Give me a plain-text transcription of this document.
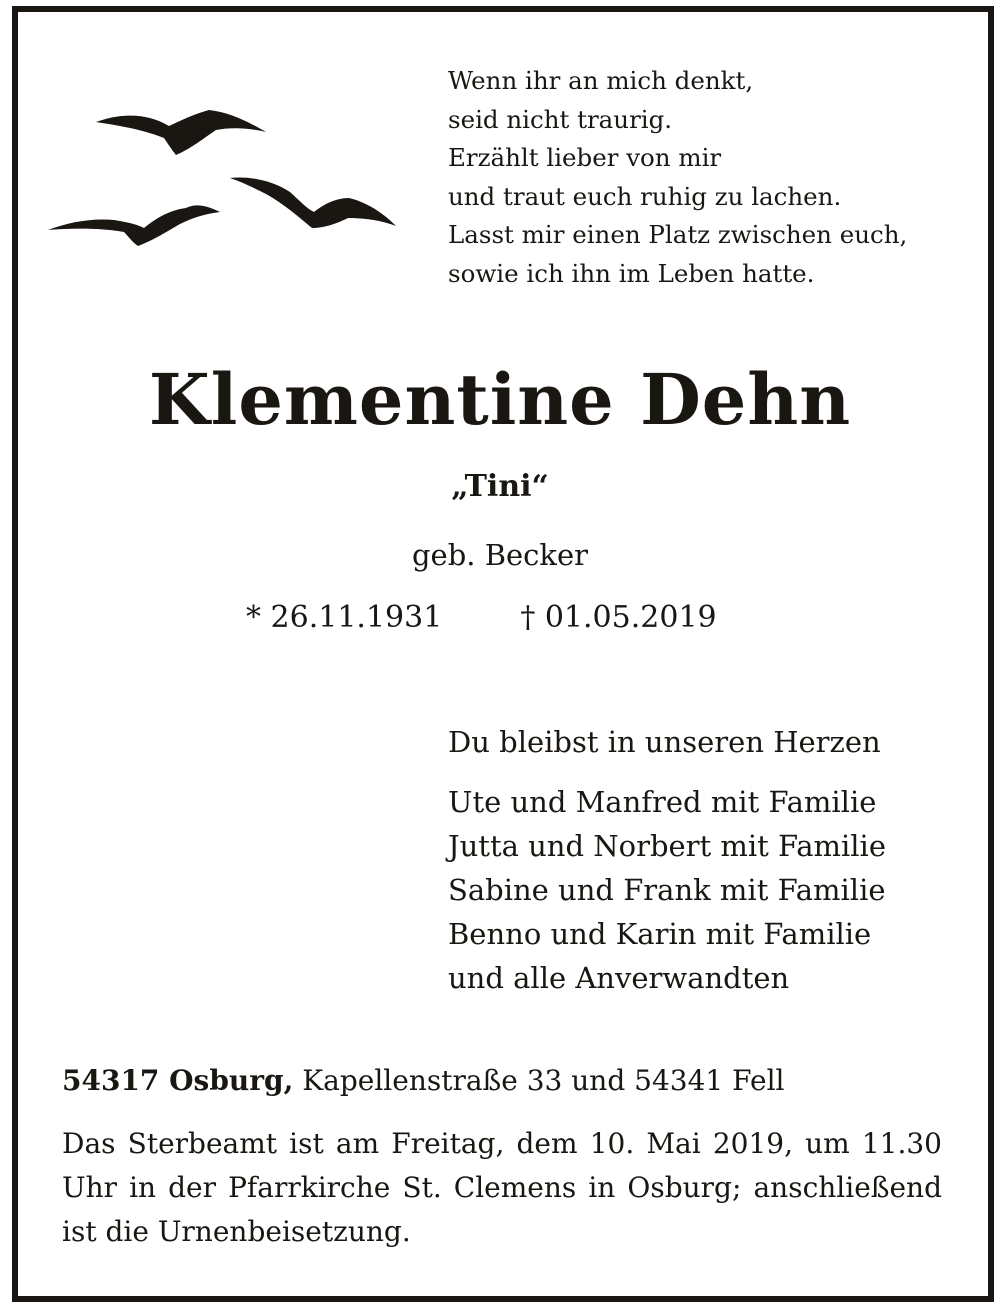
Wenn ihr an mich denkt,
seid nicht traurig.
Erzählt lieber von mir
und traut euch ruhig zu lachen.
Lasst mir einen Platz zwischen euch,
sowie ich ihn im Leben hatte.
Klementine Dehn
„Tini“
geb. Becker
* 26.11.1931	† 01.05.2019
Du bleibst in unseren Herzen
Ute und Manfred mit Familie
Jutta und Norbert mit Familie
Sabine und Frank mit Familie
Benno und Karin mit Familie
und alle Anverwandten
54317 Osburg, Kapellenstraße 33 und 54341 Fell
Das Sterbeamt ist am Freitag, dem 10. Mai 2019, um 11.30 Uhr in der Pfarrkirche St. Clemens in Osburg; anschließend ist die Urnenbeisetzung.
